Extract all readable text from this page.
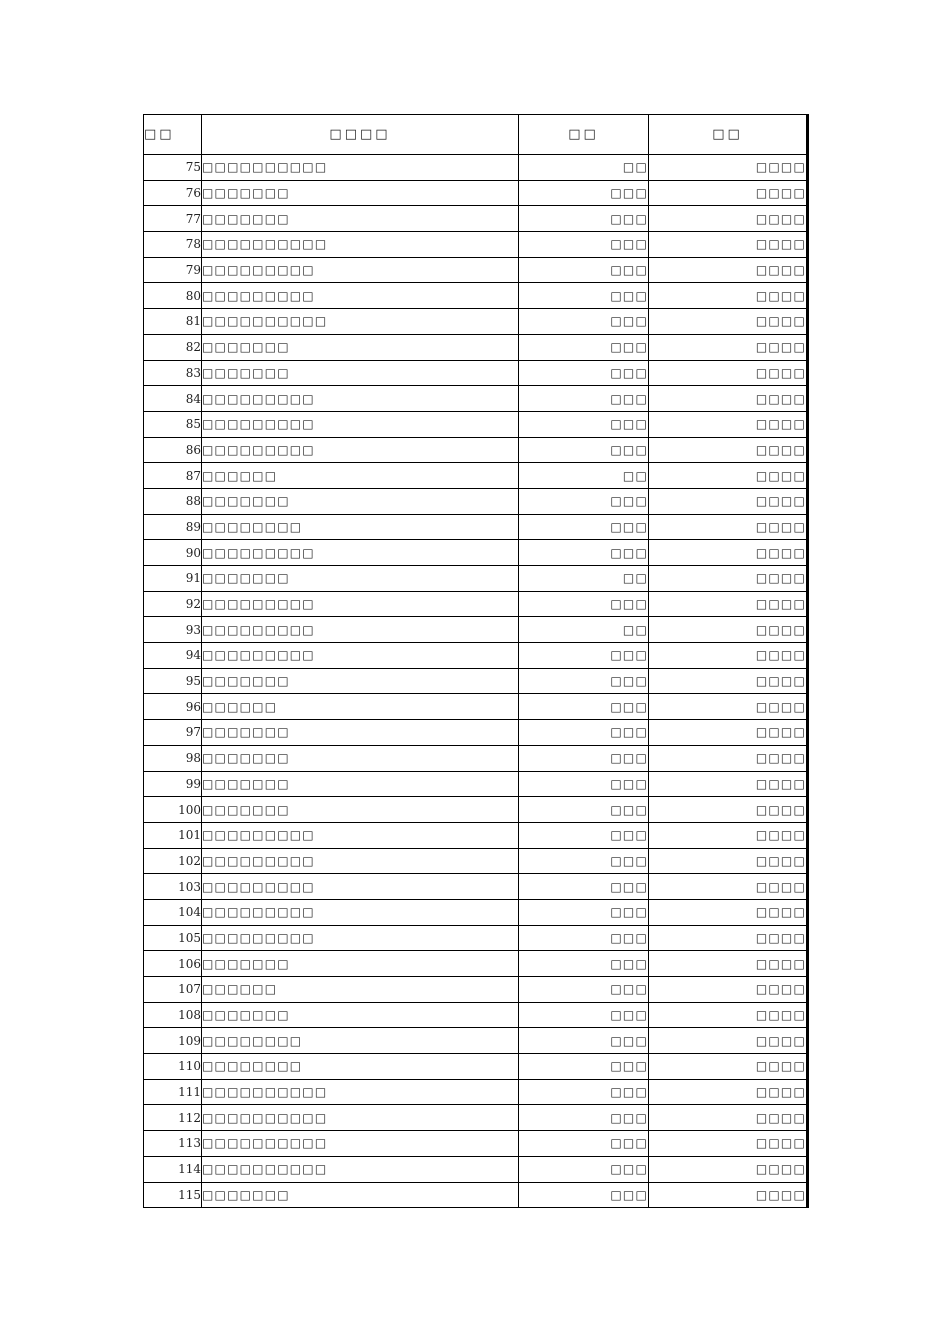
□□	□□□□	□□	□□
75	□□□□□□□□□□	□□	□□□□
76	□□□□□□□	□□□	□□□□
77	□□□□□□□	□□□	□□□□
78	□□□□□□□□□□	□□□	□□□□
79	□□□□□□□□□	□□□	□□□□
80	□□□□□□□□□	□□□	□□□□
81	□□□□□□□□□□	□□□	□□□□
82	□□□□□□□	□□□	□□□□
83	□□□□□□□	□□□	□□□□
84	□□□□□□□□□	□□□	□□□□
85	□□□□□□□□□	□□□	□□□□
86	□□□□□□□□□	□□□	□□□□
87	□□□□□□	□□	□□□□
88	□□□□□□□	□□□	□□□□
89	□□□□□□□□	□□□	□□□□
90	□□□□□□□□□	□□□	□□□□
91	□□□□□□□	□□	□□□□
92	□□□□□□□□□	□□□	□□□□
93	□□□□□□□□□	□□	□□□□
94	□□□□□□□□□	□□□	□□□□
95	□□□□□□□	□□□	□□□□
96	□□□□□□	□□□	□□□□
97	□□□□□□□	□□□	□□□□
98	□□□□□□□	□□□	□□□□
99	□□□□□□□	□□□	□□□□
100	□□□□□□□	□□□	□□□□
101	□□□□□□□□□	□□□	□□□□
102	□□□□□□□□□	□□□	□□□□
103	□□□□□□□□□	□□□	□□□□
104	□□□□□□□□□	□□□	□□□□
105	□□□□□□□□□	□□□	□□□□
106	□□□□□□□	□□□	□□□□
107	□□□□□□	□□□	□□□□
108	□□□□□□□	□□□	□□□□
109	□□□□□□□□	□□□	□□□□
110	□□□□□□□□	□□□	□□□□
111	□□□□□□□□□□	□□□	□□□□
112	□□□□□□□□□□	□□□	□□□□
113	□□□□□□□□□□	□□□	□□□□
114	□□□□□□□□□□	□□□	□□□□
115	□□□□□□□	□□□	□□□□
